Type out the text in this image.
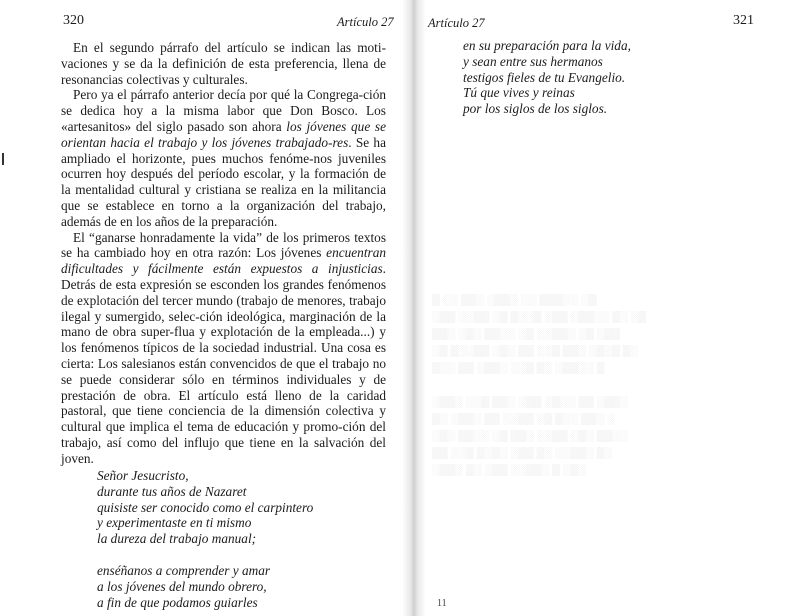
320	Artículo 27

En el segundo párrafo del artículo se indican las moti-vaciones y se da la definición de esta preferencia, llena de resonancias colectivas y culturales.

Pero ya el párrafo anterior decía por qué la Congrega-ción se dedica hoy a la misma labor que Don Bosco. Los «artesanitos» del siglo pasado son ahora los jóvenes que se orientan hacia el trabajo y los jóvenes trabajado-res. Se ha ampliado el horizonte, pues muchos fenóme-nos juveniles ocurren hoy después del período escolar, y la formación de la mentalidad cultural y cristiana se realiza en la militancia que se establece en torno a la organización del trabajo, además de en los años de la preparación.

El “ganarse honradamente la vida” de los primeros textos se ha cambiado hoy en otra razón: Los jóvenes encuentran dificultades y fácilmente están expuestos a injusticias. Detrás de esta expresión se esconden los grandes fenómenos de explotación del tercer mundo (trabajo de menores, trabajo ilegal y sumergido, selec-ción ideológica, marginación de la mano de obra super-flua y explotación de la empleada...) y los fenómenos típicos de la sociedad industrial. Una cosa es cierta: Los salesianos están convencidos de que el trabajo no se puede considerar sólo en términos individuales y de prestación de obra. El artículo está lleno de la caridad pastoral, que tiene conciencia de la dimensión colectiva y cultural que implica el tema de educación y promo-ción del trabajo, así como del influjo que tiene en la salvación del joven.

Señor Jesucristo,
durante tus años de Nazaret
quisiste ser conocido como el carpintero
y experimentaste en ti mismo
la dureza del trabajo manual;
enséñanos a comprender y amar
a los jóvenes del mundo obrero,
a fin de que podamos guiarles
Artículo 27	321
en su preparación para la vida,
y sean entre sus hermanos
testigos fieles de tu Evangelio.
Tú que vives y reinas
por los siglos de los siglos.
▒ ░░ ▒▒░ ░▒▒░ ░░ ▒▒▒░░ ░▒
░▒▒ ░░▒▒ ░▒ ▒░░▒ ░▒▒ ░▒▒░░ ▒░ ░▒
▒▒░ ░▒░ ▒▒░░ ░▒ ░░▒▒░ ░▒ ░▒▒
░▒ ▒░░▒▒ ░▒░ ▒▒ ░░▒ ▒▒░ ░▒░▒ ▒░
▒░░ ▒▒ ░▒▒░ ░░▒ ▒░ ░▒▒░░ ▒

░▒▒░ ░░▒ ▒▒░ ░▒▒ ░▒░░ ▒▒ ░▒▒░
▒░ ░▒▒░ ▒▒ ░░▒▒ ░▒ ▒░░ ▒▒░ ░
░▒░ ▒▒░░ ░▒ ▒▒░ ░░▒▒ ░▒░ ▒▒░░
▒▒ ░░▒ ▒░▒░ ░▒▒ ▒░ ░░▒▒░ ▒░
░▒▒░ ▒░ ░▒▒ ░░▒▒░ ▒ ░▒░
11
